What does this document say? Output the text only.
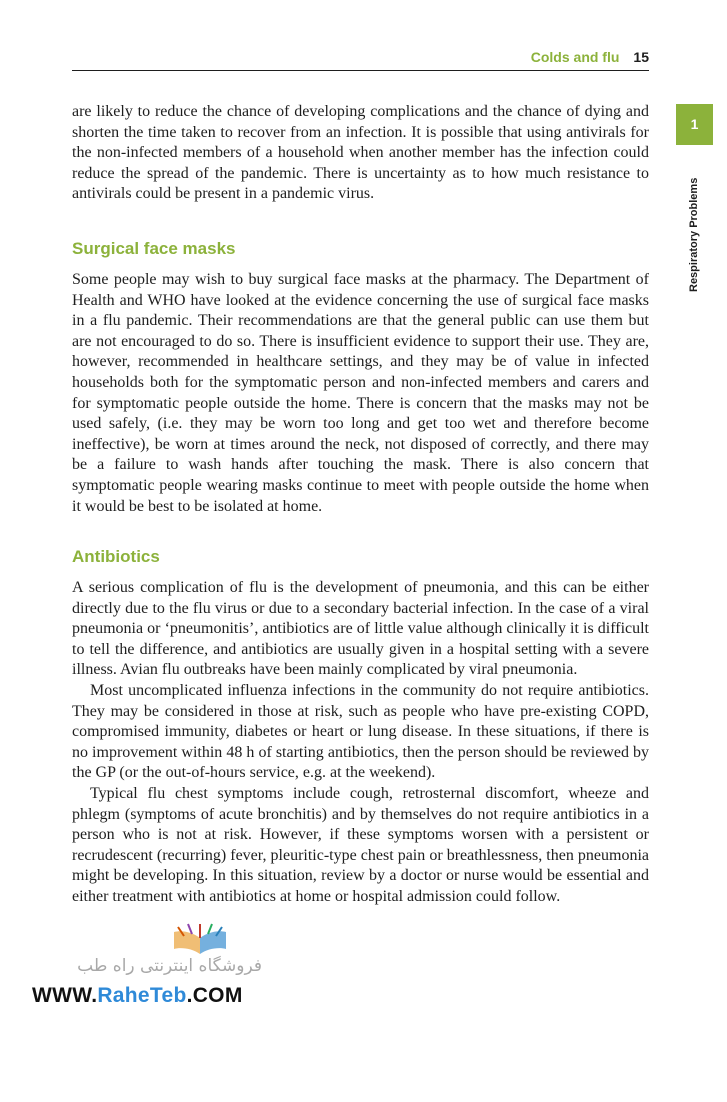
Colds and flu 15
1
Respiratory Problems

are likely to reduce the chance of developing complications and the chance of dying and shorten the time taken to recover from an infection. It is possible that using antivirals for the non-infected members of a household when another member has the infection could reduce the spread of the pandemic. There is uncertainty as to how much resistance to antivirals could be present in a pandemic virus.

Surgical face masks

Some people may wish to buy surgical face masks at the pharmacy. The Department of Health and WHO have looked at the evidence concerning the use of surgical face masks in a flu pandemic. Their recommendations are that the general public can use them but are not encouraged to do so. There is insufficient evidence to support their use. They are, however, recommended in healthcare settings, and they may be of value in infected households both for the symptomatic person and non-infected members and carers and for symptomatic people outside the home. There is concern that the masks may not be used safely, (i.e. they may be worn too long and get too wet and therefore become ineffective), be worn at times around the neck, not disposed of correctly, and there may be a failure to wash hands after touching the mask. There is also concern that symptomatic people wearing masks continue to meet with people outside the home when it would be best to be isolated at home.

Antibiotics

A serious complication of flu is the development of pneumonia, and this can be either directly due to the flu virus or due to a secondary bacterial infection. In the case of a viral pneumonia or ‘pneumonitis’, antibiotics are of little value although clinically it is difficult to tell the difference, and antibiotics are usually given in a hospital setting with a severe illness. Avian flu outbreaks have been mainly complicated by viral pneumonia.

Most uncomplicated influenza infections in the community do not require antibiotics. They may be considered in those at risk, such as people who have pre-existing COPD, compromised immunity, diabetes or heart or lung disease. In these situations, if there is no improvement within 48 h of starting antibiotics, then the person should be reviewed by the GP (or the out-of-hours service, e.g. at the weekend).

Typical flu chest symptoms include cough, retrosternal discomfort, wheeze and phlegm (symptoms of acute bronchitis) and by themselves do not require antibiotics in a person who is not at risk. However, if these symptoms worsen with a persistent or recrudescent (recurring) fever, pleuritic-type chest pain or breathlessness, then pneumonia might be developing. In this situation, review by a doctor or nurse would be essential and either treatment with antibiotics at home or hospital admission could follow.

فروشگاه اینترنتی راه طب
WWW.RaheTeb.COM
